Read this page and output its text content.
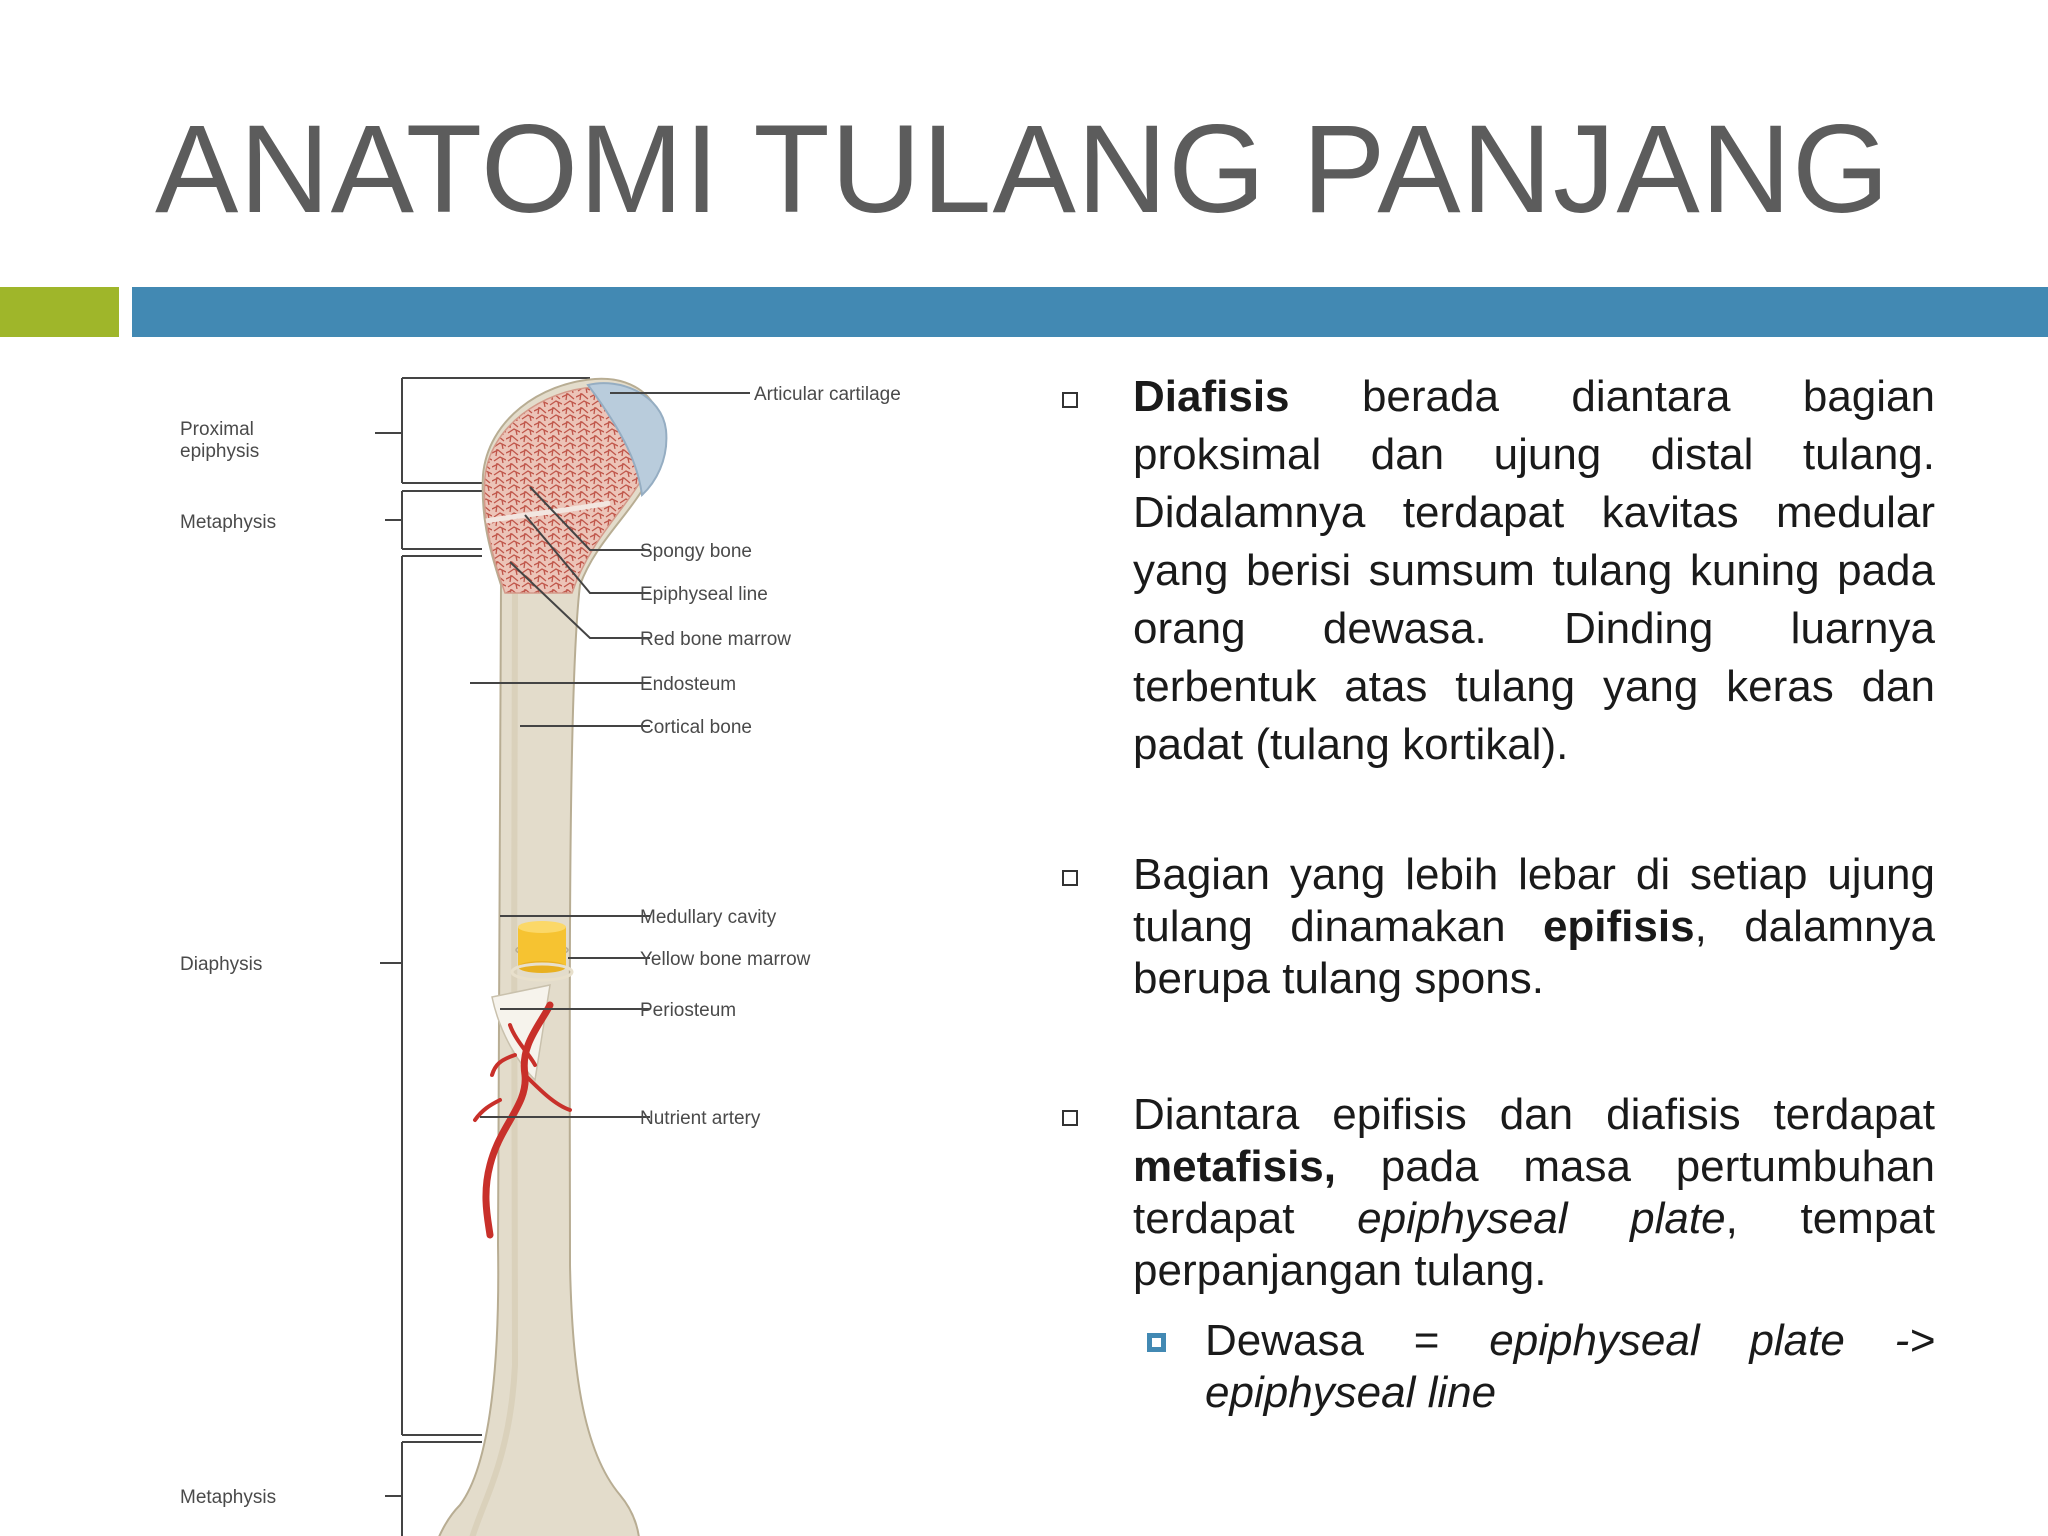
ANATOMI TULANG PANJANG
Proximal
epiphysis
Metaphysis
Diaphysis
Metaphysis
Articular cartilage
Spongy bone
Epiphyseal line
Red bone marrow
Endosteum
Cortical bone
Medullary cavity
Yellow bone marrow
Periosteum
Nutrient artery
Diafisis berada diantara bagian proksimal dan ujung distal tulang. Didalamnya terdapat kavitas medular yang berisi sumsum tulang kuning pada orang dewasa. Dinding luarnya terbentuk atas tulang yang keras dan padat (tulang kortikal).
Bagian yang lebih lebar di setiap ujung tulang dinamakan epifisis, dalamnya berupa tulang spons.
Diantara epifisis dan diafisis terdapat metafisis, pada masa pertumbuhan terdapat epiphyseal plate, tempat perpanjangan tulang.
Dewasa = epiphyseal plate -> epiphyseal line
